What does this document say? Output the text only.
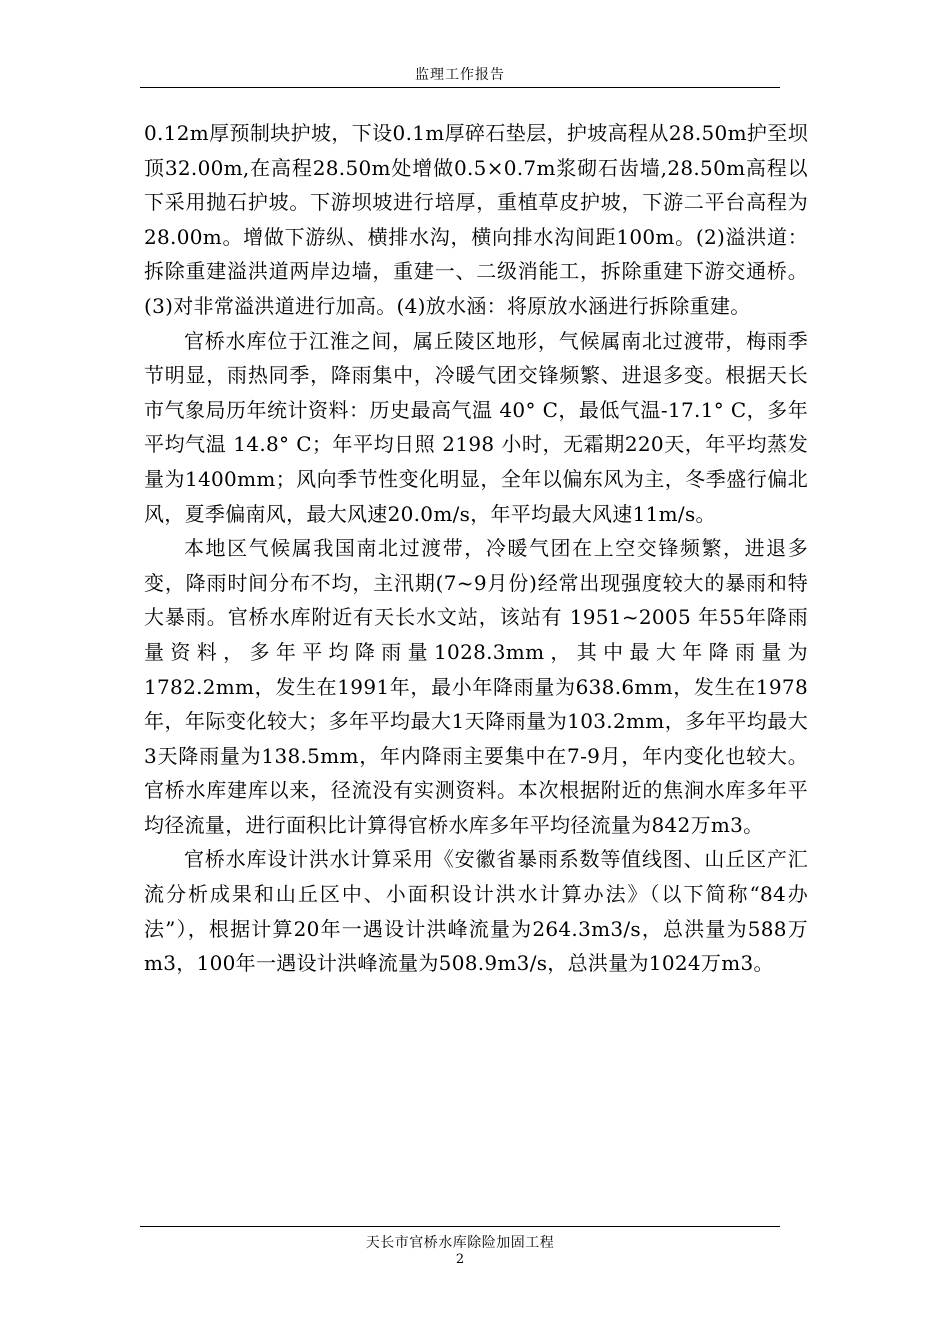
监理工作报告

0.12m厚预制块护坡，下设0.1m厚碎石垫层，护坡高程从28.50m护至坝顶32.00m,在高程28.50m处增做0.5×0.7m浆砌石齿墙,28.50m高程以下采用抛石护坡。下游坝坡进行培厚，重植草皮护坡，下游二平台高程为28.00m。增做下游纵、横排水沟，横向排水沟间距100m。(2)溢洪道：拆除重建溢洪道两岸边墙，重建一、二级消能工，拆除重建下游交通桥。(3)对非常溢洪道进行加高。(4)放水涵：将原放水涵进行拆除重建。

官桥水库位于江淮之间，属丘陵区地形，气候属南北过渡带，梅雨季节明显，雨热同季，降雨集中，冷暖气团交锋频繁、进退多变。根据天长市气象局历年统计资料：历史最高气温 40° C，最低气温-17.1° C，多年平均气温 14.8° C；年平均日照 2198 小时，无霜期220天，年平均蒸发量为1400mm；风向季节性变化明显，全年以偏东风为主，冬季盛行偏北风，夏季偏南风，最大风速20.0m/s，年平均最大风速11m/s。

本地区气候属我国南北过渡带，冷暖气团在上空交锋频繁，进退多变，降雨时间分布不均，主汛期(7~9月份)经常出现强度较大的暴雨和特大暴雨。官桥水库附近有天长水文站，该站有 1951~2005 年55年降雨量资料，多年平均降雨量1028.3mm，其中最大年降雨量为1782.2mm，发生在1991年，最小年降雨量为638.6mm，发生在1978年，年际变化较大；多年平均最大1天降雨量为103.2mm，多年平均最大3天降雨量为138.5mm，年内降雨主要集中在7-9月，年内变化也较大。官桥水库建库以来，径流没有实测资料。本次根据附近的焦涧水库多年平均径流量，进行面积比计算得官桥水库多年平均径流量为842万m3。

官桥水库设计洪水计算采用《安徽省暴雨系数等值线图、山丘区产汇流分析成果和山丘区中、小面积设计洪水计算办法》（以下简称“84办法”），根据计算20年一遇设计洪峰流量为264.3m3/s，总洪量为588万m3，100年一遇设计洪峰流量为508.9m3/s，总洪量为1024万m3。

天长市官桥水库除险加固工程
2
